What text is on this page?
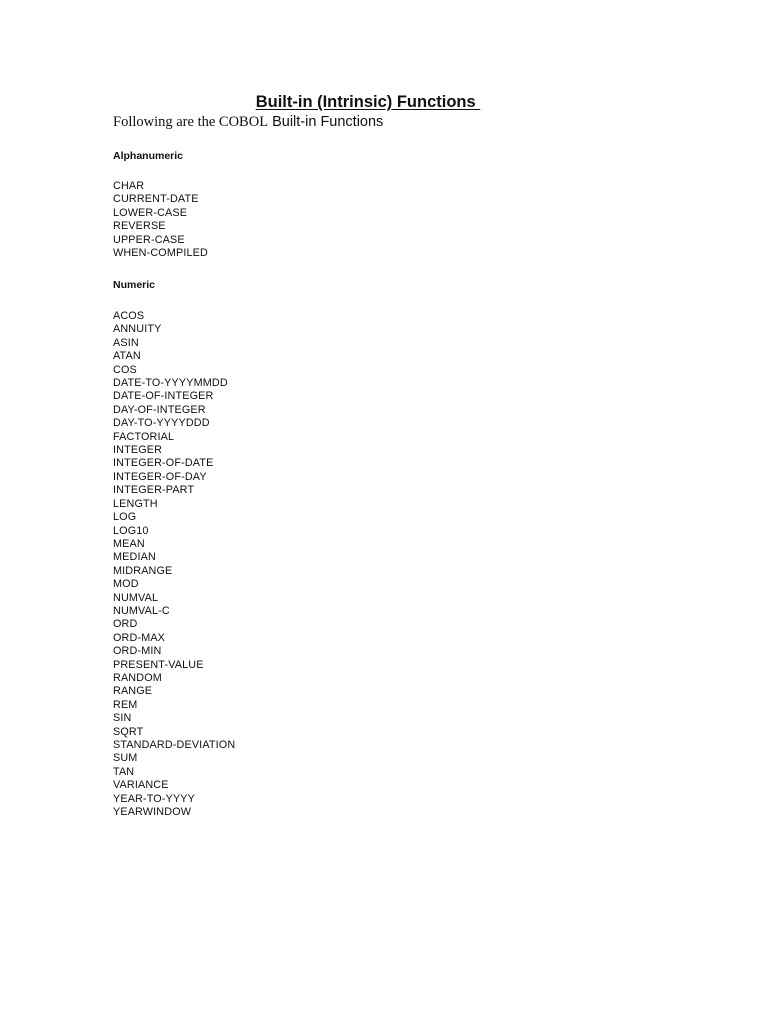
Built-in (Intrinsic) Functions
Following are the COBOL Built-in Functions
Alphanumeric
CHAR
CURRENT-DATE
LOWER-CASE
REVERSE
UPPER-CASE
WHEN-COMPILED
Numeric
ACOS
ANNUITY
ASIN
ATAN
COS
DATE-TO-YYYYMMDD
DATE-OF-INTEGER
DAY-OF-INTEGER
DAY-TO-YYYYDDD
FACTORIAL
INTEGER
INTEGER-OF-DATE
INTEGER-OF-DAY
INTEGER-PART
LENGTH
LOG
LOG10
MEAN
MEDIAN
MIDRANGE
MOD
NUMVAL
NUMVAL-C
ORD
ORD-MAX
ORD-MIN
PRESENT-VALUE
RANDOM
RANGE
REM
SIN
SQRT
STANDARD-DEVIATION
SUM
TAN
VARIANCE
YEAR-TO-YYYY
YEARWINDOW
